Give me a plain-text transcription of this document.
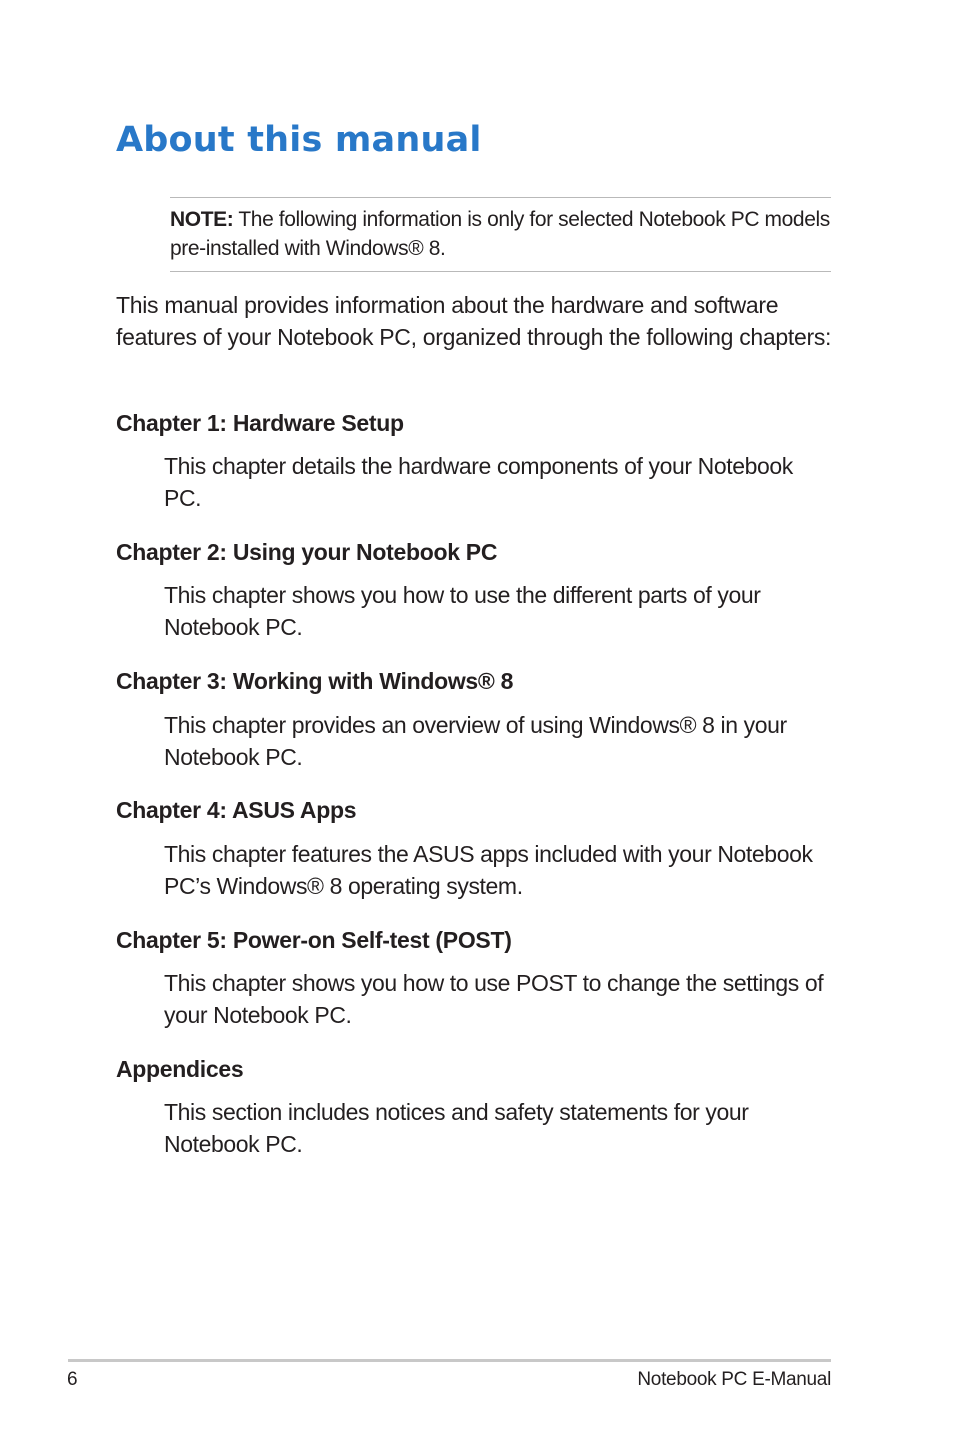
About this manual

NOTE: The following information is only for selected Notebook PC models pre-installed with Windows® 8.

This manual provides information about the hardware and software features of your Notebook PC, organized through the following chapters:

Chapter 1: Hardware Setup

This chapter details the hardware components of your Notebook PC.

Chapter 2: Using your Notebook PC

This chapter shows you how to use the different parts of your Notebook PC.

Chapter 3: Working with Windows® 8

This chapter provides an overview of using Windows® 8 in your Notebook PC.

Chapter 4: ASUS Apps

This chapter features the ASUS apps included with your Notebook PC’s Windows® 8 operating system.

Chapter 5: Power-on Self-test (POST)

This chapter shows you how to use POST to change the settings of your Notebook PC.

Appendices

This section includes notices and safety statements for your Notebook PC.

6	Notebook PC E-Manual
